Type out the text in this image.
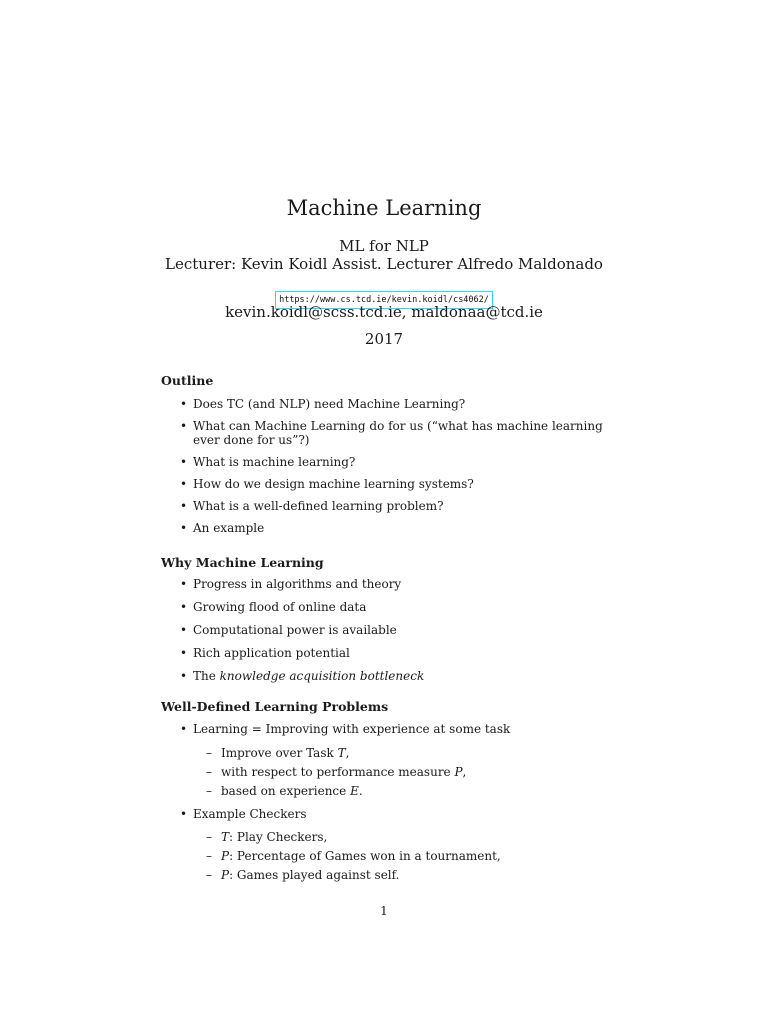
Machine Learning
ML for NLP
Lecturer: Kevin Koidl Assist. Lecturer Alfredo Maldonado
https://www.cs.tcd.ie/kevin.koidl/cs4062/
kevin.koidl@scss.tcd.ie, maldonaa@tcd.ie
2017
Outline
• Does TC (and NLP) need Machine Learning?
• What can Machine Learning do for us (“what has machine learning ever done for us”?)
• What is machine learning?
• How do we design machine learning systems?
• What is a well-defined learning problem?
• An example
Why Machine Learning
• Progress in algorithms and theory
• Growing flood of online data
• Computational power is available
• Rich application potential
• The knowledge acquisition bottleneck
Well-Defined Learning Problems
• Learning = Improving with experience at some task
– Improve over Task T,
– with respect to performance measure P,
– based on experience E.
• Example Checkers
– T: Play Checkers,
– P: Percentage of Games won in a tournament,
– P: Games played against self.
1
